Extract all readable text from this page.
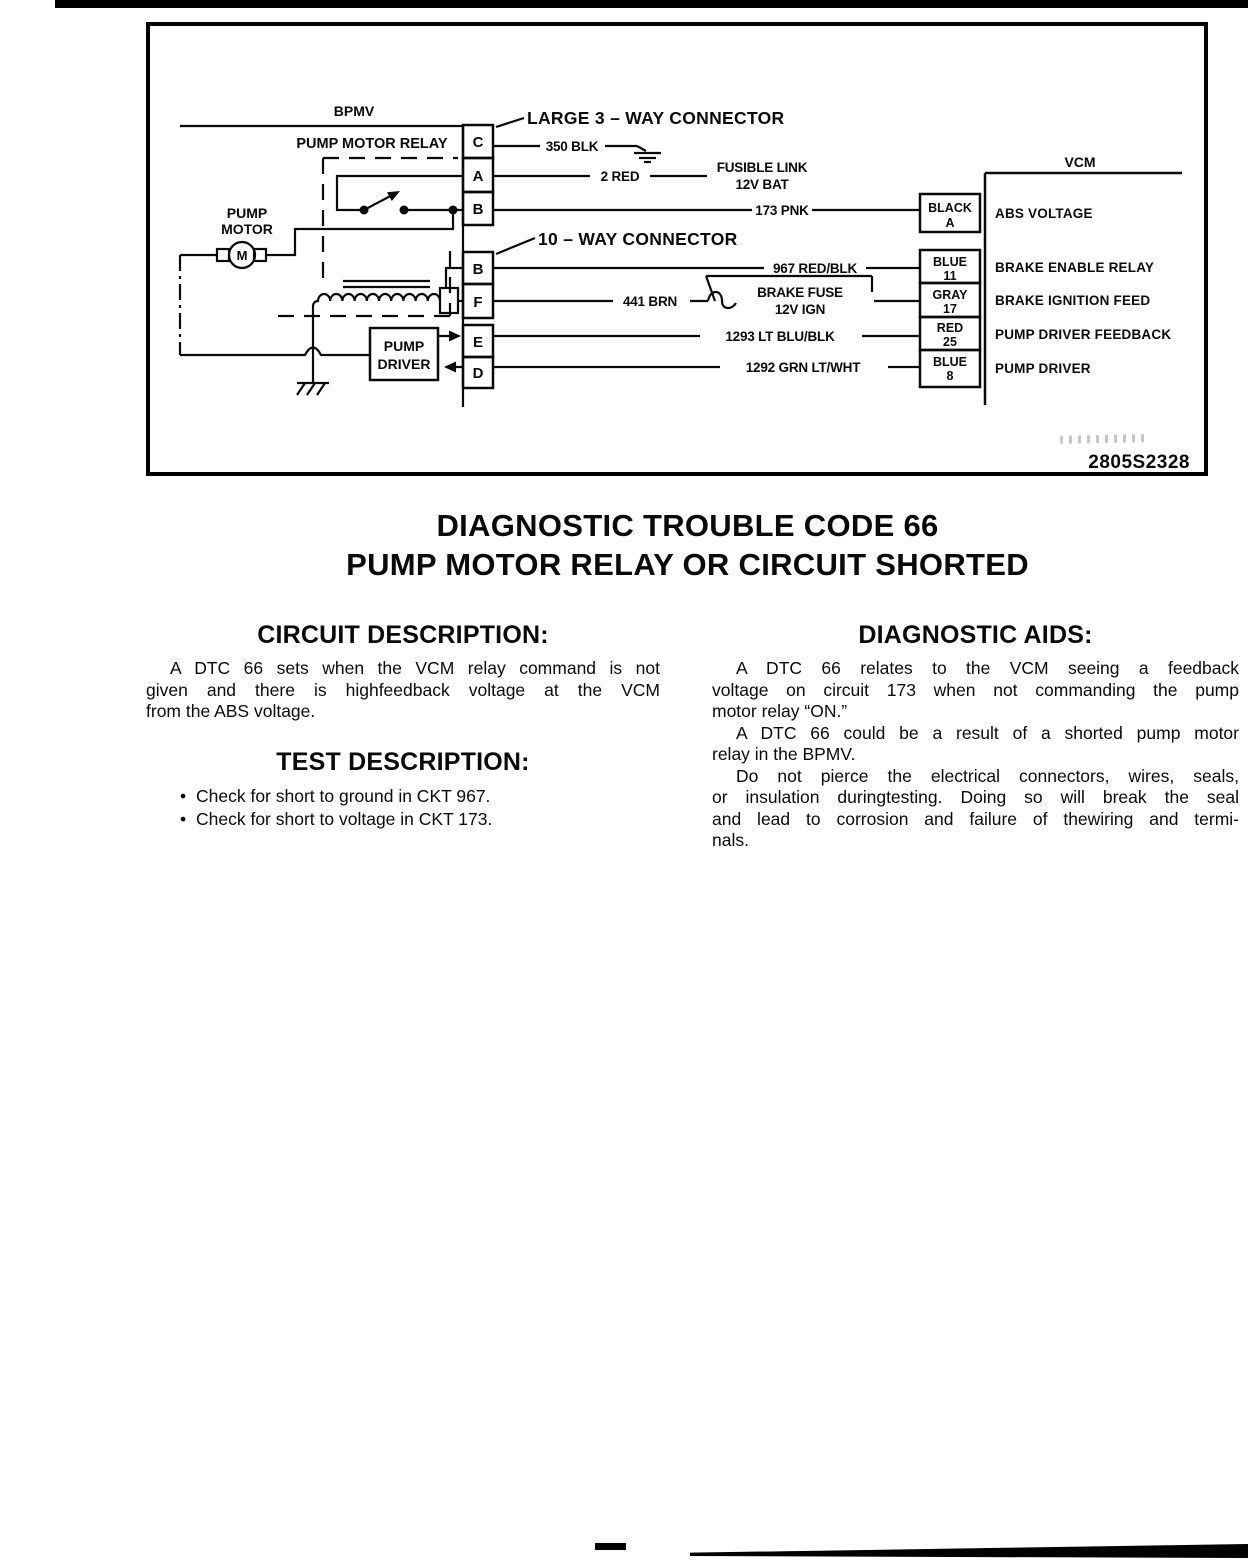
BPMV
PUMP MOTOR RELAY
PUMP
MOTOR
M
PUMP
DRIVER
LARGE 3 – WAY CONNECTOR
10 – WAY CONNECTOR
C
A
B
B
F
E
D
350 BLK
2 RED
FUSIBLE LINK
12V BAT
173 PNK
967 RED/BLK
441 BRN
BRAKE FUSE
12V IGN
1293 LT BLU/BLK
1292 GRN LT/WHT
VCM
BLACK
A
BLUE
11
GRAY
17
RED
25
BLUE
8
ABS VOLTAGE
BRAKE ENABLE RELAY
BRAKE IGNITION FEED
PUMP DRIVER FEEDBACK
PUMP DRIVER
2805S2328
DIAGNOSTIC TROUBLE CODE 66
PUMP MOTOR RELAY OR CIRCUIT SHORTED
CIRCUIT DESCRIPTION:
A DTC 66 sets when the VCM relay command is not
given and there is highfeedback voltage at the VCM
from the ABS voltage.
TEST DESCRIPTION:
• Check for short to ground in CKT 967.
• Check for short to voltage in CKT 173.
DIAGNOSTIC AIDS:
A DTC 66 relates to the VCM seeing a feedback
voltage on circuit 173 when not commanding the pump
motor relay “ON.”
A DTC 66 could be a result of a shorted pump motor
relay in the BPMV.
Do not pierce the electrical connectors, wires, seals,
or insulation duringtesting. Doing so will break the seal
and lead to corrosion and failure of thewiring and termi-
nals.
